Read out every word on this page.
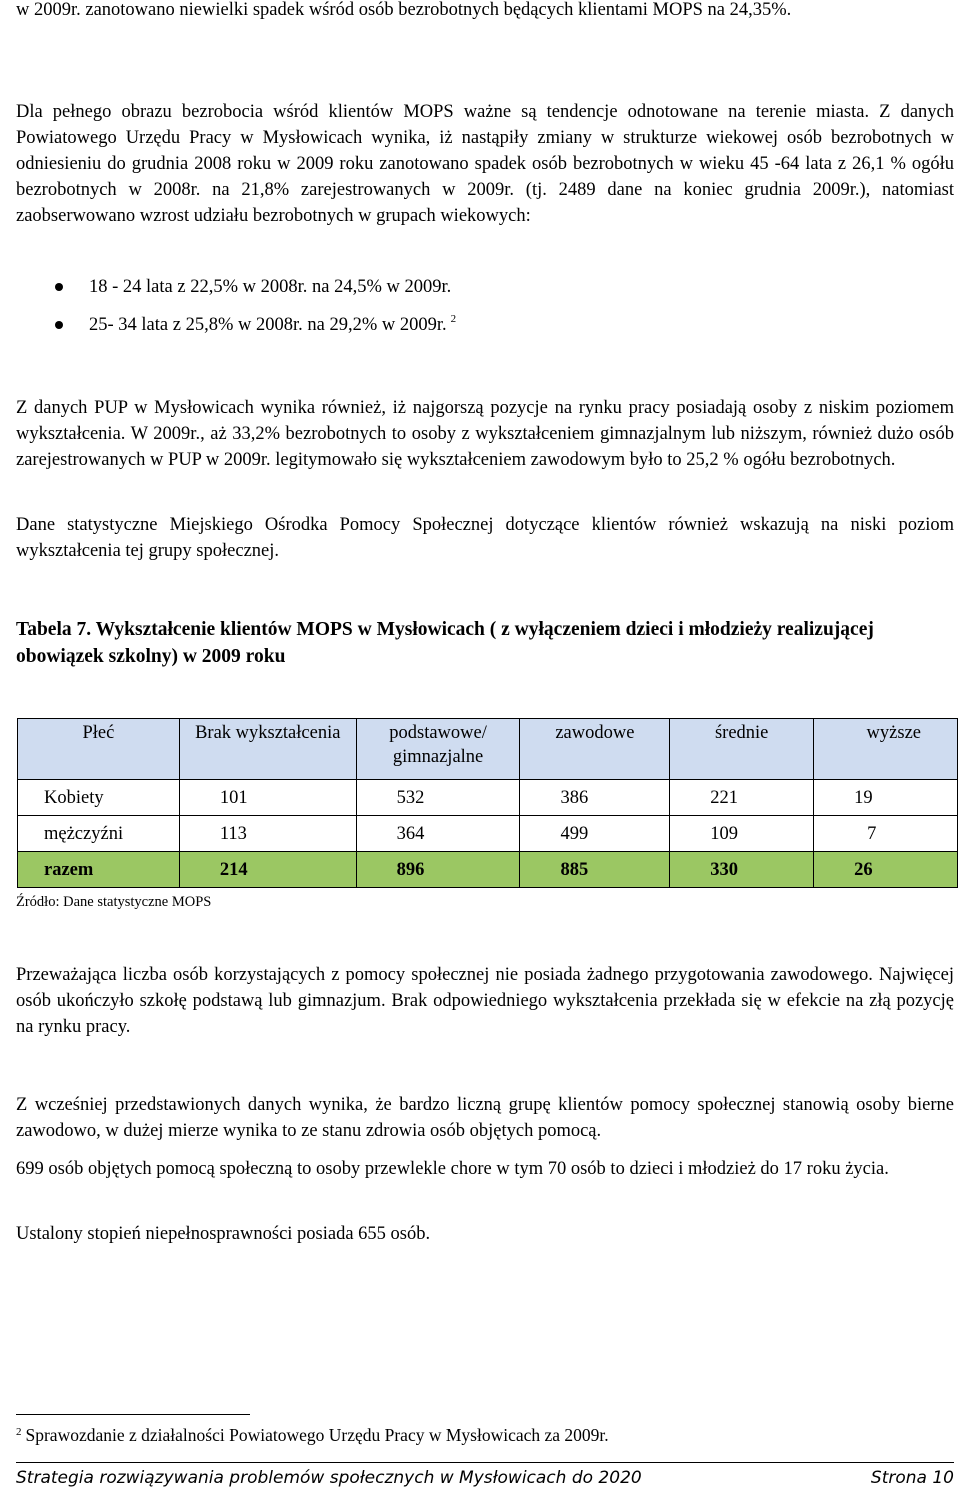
w 2009r. zanotowano niewielki spadek wśród osób bezrobotnych będących klientami MOPS na 24,35%.

Dla pełnego obrazu bezrobocia wśród klientów MOPS ważne są tendencje odnotowane na terenie miasta. Z danych Powiatowego Urzędu Pracy w Mysłowicach wynika, iż nastąpiły zmiany w strukturze wiekowej osób bezrobotnych w odniesieniu do grudnia 2008 roku w 2009 roku zanotowano spadek osób bezrobotnych w wieku 45 -64 lata z 26,1 % ogółu bezrobotnych w 2008r. na 21,8% zarejestrowanych w 2009r. (tj. 2489 dane na koniec grudnia 2009r.), natomiast zaobserwowano wzrost udziału bezrobotnych w grupach wiekowych:

18 - 24 lata z 22,5% w 2008r. na 24,5% w 2009r.
25- 34 lata z 25,8% w 2008r. na 29,2% w 2009r. $^2$

Z danych PUP w Mysłowicach wynika również, iż najgorszą pozycje na rynku pracy posiadają osoby z niskim poziomem wykształcenia. W 2009r., aż 33,2% bezrobotnych to osoby z wykształceniem gimnazjalnym lub niższym, również dużo osób zarejestrowanych w PUP w 2009r. legitymowało się wykształceniem zawodowym było to 25,2 % ogółu bezrobotnych.

Dane statystyczne Miejskiego Ośrodka Pomocy Społecznej dotyczące klientów również wskazują na niski poziom wykształcenia tej grupy społecznej.

Tabela 7. Wykształcenie klientów MOPS w Mysłowicach ( z wyłączeniem dzieci i młodzieży realizującej obowiązek szkolny) w 2009 roku
Płeć	Brak wykształcenia	podstawowe/ gimnazjalne	zawodowe	średnie	wyższe
Kobiety	101	532	386	221	19
mężczyźni	113	364	499	109	7
razem	214	896	885	330	26
Źródło: Dane statystyczne MOPS

Przeważająca liczba osób korzystających z pomocy społecznej nie posiada żadnego przygotowania zawodowego. Najwięcej osób ukończyło szkołę podstawą lub gimnazjum. Brak odpowiedniego wykształcenia przekłada się w efekcie na złą pozycję na rynku pracy.

Z wcześniej przedstawionych danych wynika, że bardzo liczną grupę klientów pomocy społecznej stanowią osoby bierne zawodowo, w dużej mierze wynika to ze stanu zdrowia osób objętych pomocą.

699 osób objętych pomocą społeczną to osoby przewlekle chore w tym 70 osób to dzieci i młodzież do 17 roku życia.

Ustalony stopień niepełnosprawności posiada 655 osób.

$^2$ Sprawozdanie z działalności Powiatowego Urzędu Pracy w Mysłowicach za 2009r.
Strategia rozwiązywania problemów społecznych w Mysłowicach do 2020	Strona 10
